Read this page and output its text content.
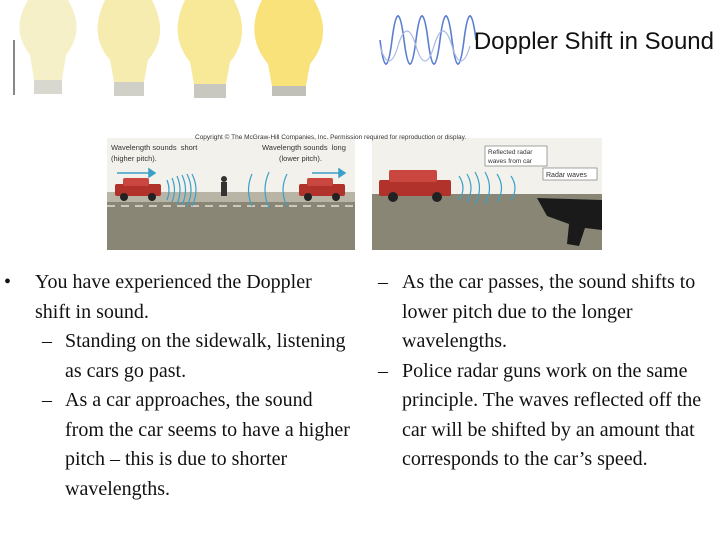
Doppler Shift in Sound
Copyright © The McGraw-Hill Companies, Inc. Permission required for reproduction or display.
Wavelength sounds short
(higher pitch).
Wavelength sounds long
(lower pitch).
Reflected radar
waves from car
Radar waves
• You have experienced the Doppler shift in sound.
– Standing on the sidewalk, listening as cars go past.
– As a car approaches, the sound from the car seems to have a higher pitch – this is due to shorter wavelengths.
– As the car passes, the sound shifts to lower pitch due to the longer wavelengths.
– Police radar guns work on the same principle. The waves reflected off the car will be shifted by an amount that corresponds to the car’s speed.
